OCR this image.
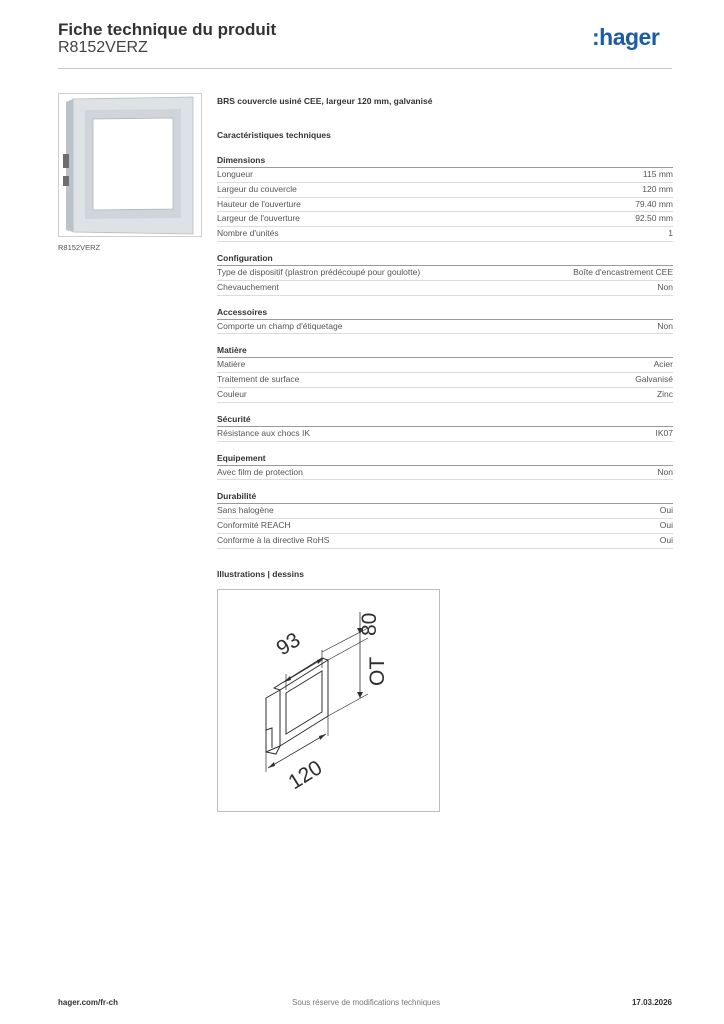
Fiche technique du produit
R8152VERZ	:hager
R8152VERZ
BRS couvercle usiné CEE, largeur 120 mm, galvanisé
Caractéristiques techniques
Dimensions
Longueur	115 mm
Largeur du couvercle	120 mm
Hauteur de l'ouverture	79.40 mm
Largeur de l'ouverture	92.50 mm
Nombre d'unités	1
Configuration
Type de dispositif (plastron prédécoupé pour goulotte)	Boîte d'encastrement CEE
Chevauchement	Non
Accessoires
Comporte un champ d'étiquetage	Non
Matière
Matière	Acier
Traitement de surface	Galvanisé
Couleur	Zinc
Sécurité
Résistance aux chocs IK	IK07
Equipement
Avec film de protection	Non
Durabilité
Sans halogène	Oui
Conformité REACH	Oui
Conforme à la directive RoHS	Oui
Illustrations | dessins
93
80
OT
120
hager.com/fr-ch	Sous réserve de modifications techniques	17.03.2026
